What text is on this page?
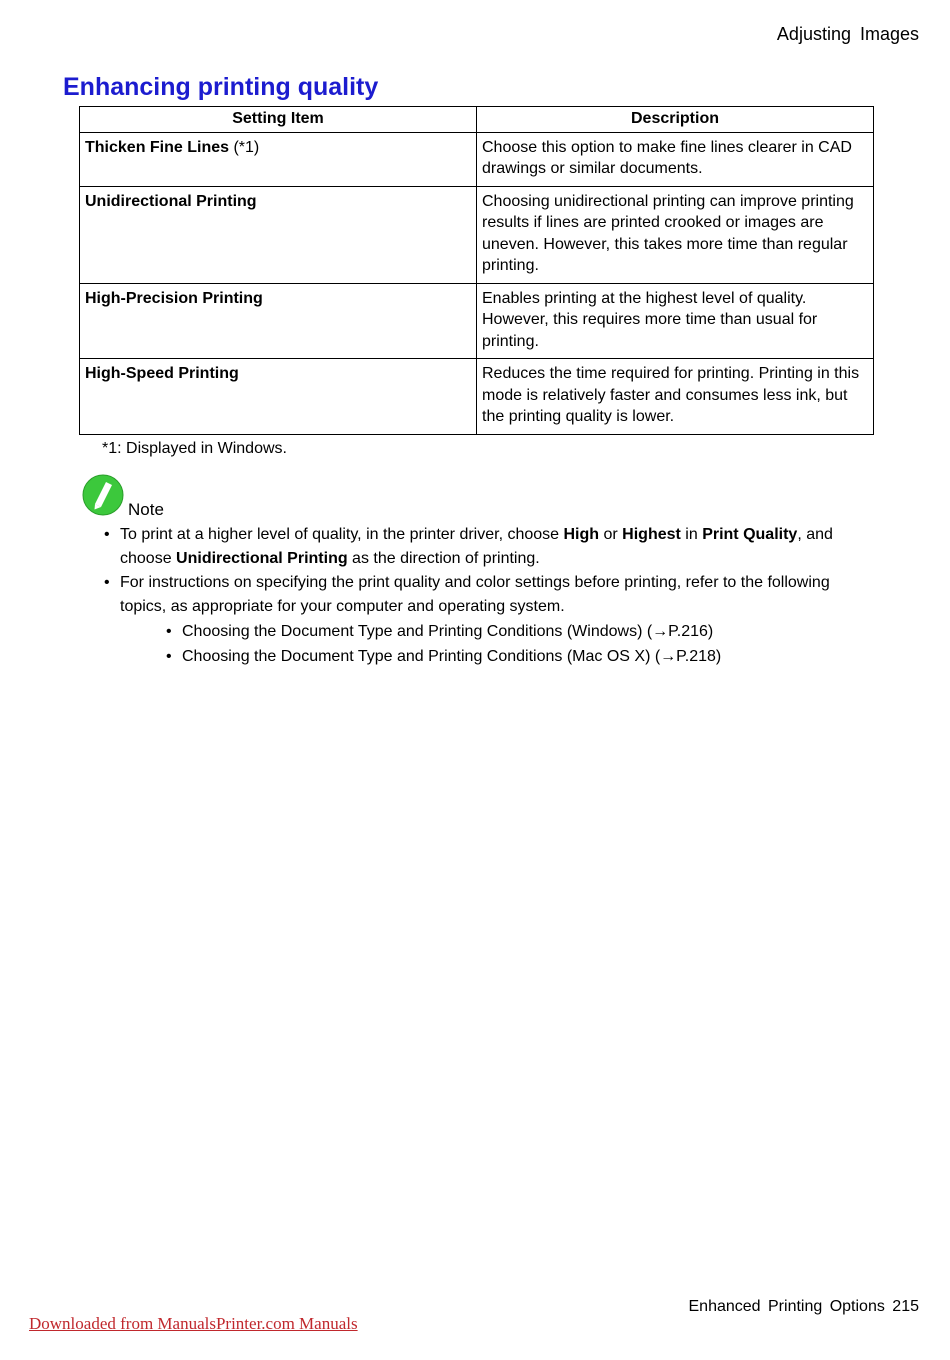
Adjusting Images
Enhancing printing quality
Setting Item	Description
Thicken Fine Lines (*1)	Choose this option to make fine lines clearer in CAD drawings or similar documents.
Unidirectional Printing	Choosing unidirectional printing can improve printing results if lines are printed crooked or images are uneven. However, this takes more time than regular printing.
High-Precision Printing	Enables printing at the highest level of quality. However, this requires more time than usual for printing.
High-Speed Printing	Reduces the time required for printing. Printing in this mode is relatively faster and consumes less ink, but the printing quality is lower.
*1: Displayed in Windows.
Note
• To print at a higher level of quality, in the printer driver, choose High or Highest in Print Quality, and choose Unidirectional Printing as the direction of printing.
• For instructions on specifying the print quality and color settings before printing, refer to the following topics, as appropriate for your computer and operating system.
• Choosing the Document Type and Printing Conditions (Windows) (→P.216)
• Choosing the Document Type and Printing Conditions (Mac OS X) (→P.218)
Enhanced Printing Options 215
Downloaded from ManualsPrinter.com Manuals
